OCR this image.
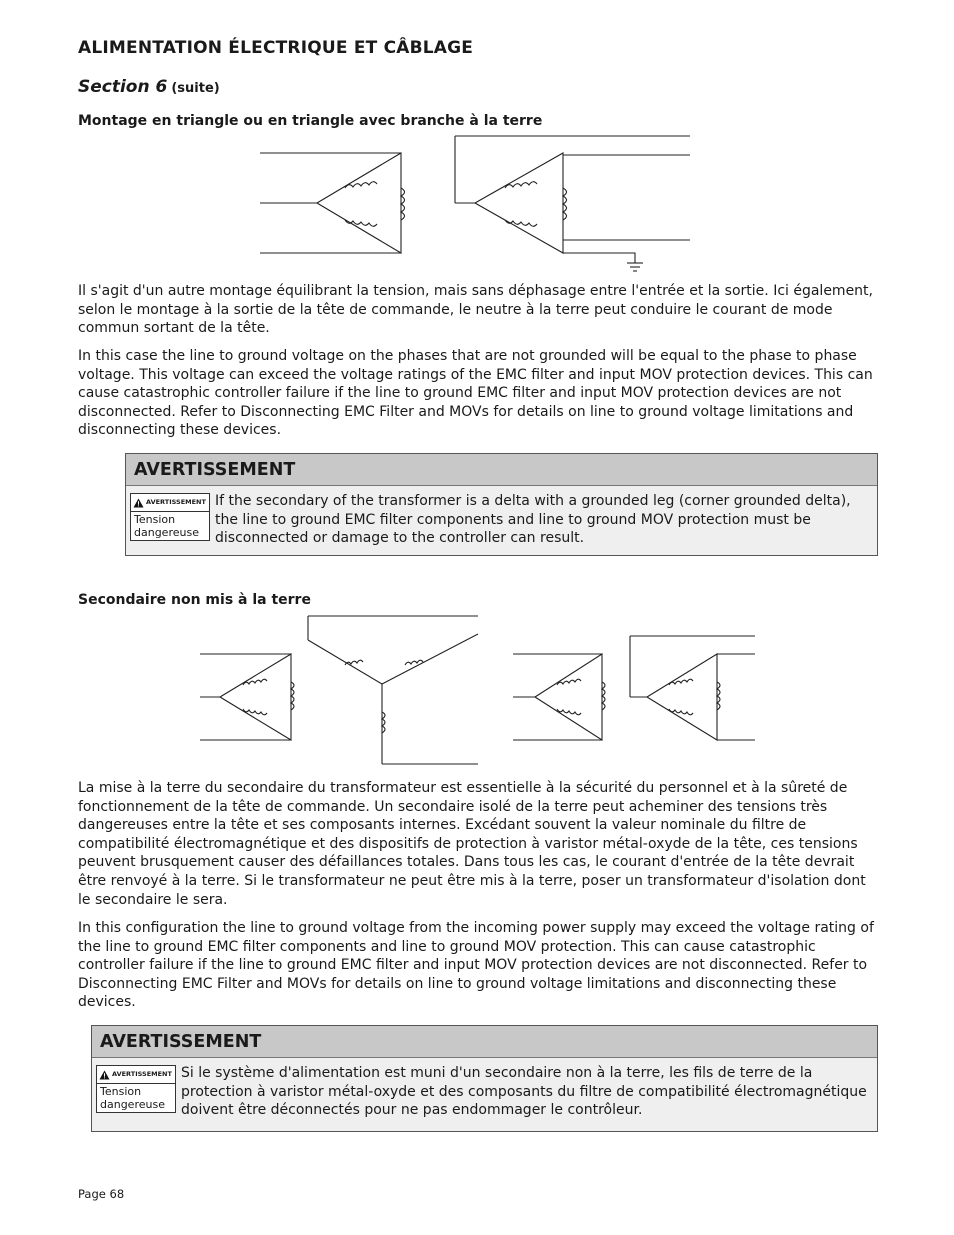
ALIMENTATION ÉLECTRIQUE ET CÂBLAGE
Section 6 (suite)
Montage en triangle ou en triangle avec branche à la terre
Il s'agit d'un autre montage équilibrant la tension, mais sans déphasage entre l'entrée et la sortie. Ici également, selon le montage à la sortie de la tête de commande, le neutre à la terre peut conduire le courant de mode commun sortant de la tête.
In this case the line to ground voltage on the phases that are not grounded will be equal to the phase to phase voltage. This voltage can exceed the voltage ratings of the EMC filter and input MOV protection devices. This can cause catastrophic controller failure if the line to ground EMC filter and input MOV protection devices are not disconnected. Refer to Disconnecting EMC Filter and MOVs for details on line to ground voltage limitations and disconnecting these devices.
AVERTISSEMENT
AVERTISSEMENT
Tension dangereuse
If the secondary of the transformer is a delta with a grounded leg (corner grounded delta), the line to ground EMC filter components and line to ground MOV protection must be disconnected or damage to the controller can result.
Secondaire non mis à la terre
La mise à la terre du secondaire du transformateur est essentielle à la sécurité du personnel et à la sûreté de fonctionnement de la tête de commande. Un secondaire isolé de la terre peut acheminer des tensions très dangereuses entre la tête et ses composants internes. Excédant souvent la valeur nominale du filtre de compatibilité électromagnétique et des dispositifs de protection à varistor métal-oxyde de la tête, ces tensions peuvent brusquement causer des défaillances totales. Dans tous les cas, le courant d'entrée de la tête devrait être renvoyé à la terre. Si le transformateur ne peut être mis à la terre, poser un transformateur d'isolation dont le secondaire le sera.
In this configuration the line to ground voltage from the incoming power supply may exceed the voltage rating of the line to ground EMC filter components and line to ground MOV protection. This can cause catastrophic controller failure if the line to ground EMC filter and input MOV protection devices are not disconnected. Refer to Disconnecting EMC Filter and MOVs for details on line to ground voltage limitations and disconnecting these devices.
AVERTISSEMENT
AVERTISSEMENT
Tension dangereuse
Si le système d'alimentation est muni d'un secondaire non à la terre, les fils de terre de la protection à varistor métal-oxyde et des composants du filtre de compatibilité électromagnétique doivent être déconnectés pour ne pas endommager le contrôleur.
Page 68
